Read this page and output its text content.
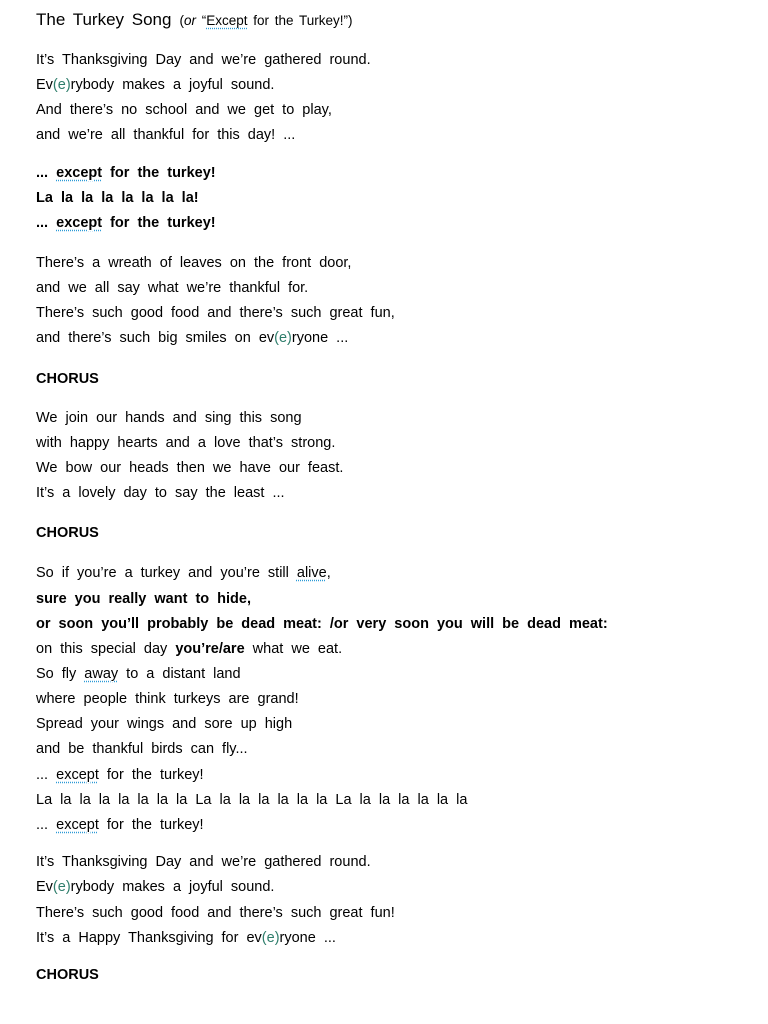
The Turkey Song (or “Except for the Turkey!”)
It’s Thanksgiving Day and we’re gathered round.
Ev(e)rybody makes a joyful sound.
And there’s no school and we get to play,
and we’re all thankful for this day! ...
... except for the turkey!
La la la la la la la la!
... except for the turkey!
There’s a wreath of leaves on the front door,
and we all say what we’re thankful for.
There’s such good food and there’s such great fun,
and there’s such big smiles on ev(e)ryone ...
CHORUS
We join our hands and sing this song
with happy hearts and a love that’s strong.
We bow our heads then we have our feast.
It’s a lovely day to say the least ...
CHORUS
So if you’re a turkey and you’re still alive,
sure you really want to hide,
or soon you’ll probably be dead meat: /or very soon you will be dead meat:
on this special day you’re/are what we eat.
So fly away to a distant land
where people think turkeys are grand!
Spread your wings and sore up high
and be thankful birds can fly...
... except for the turkey!
La la la la la la la la La la la la la la la La la la la la la la
... except for the turkey!
It’s Thanksgiving Day and we’re gathered round.
Ev(e)rybody makes a joyful sound.
There’s such good food and there’s such great fun!
It’s a Happy Thanksgiving for ev(e)ryone ...
CHORUS
